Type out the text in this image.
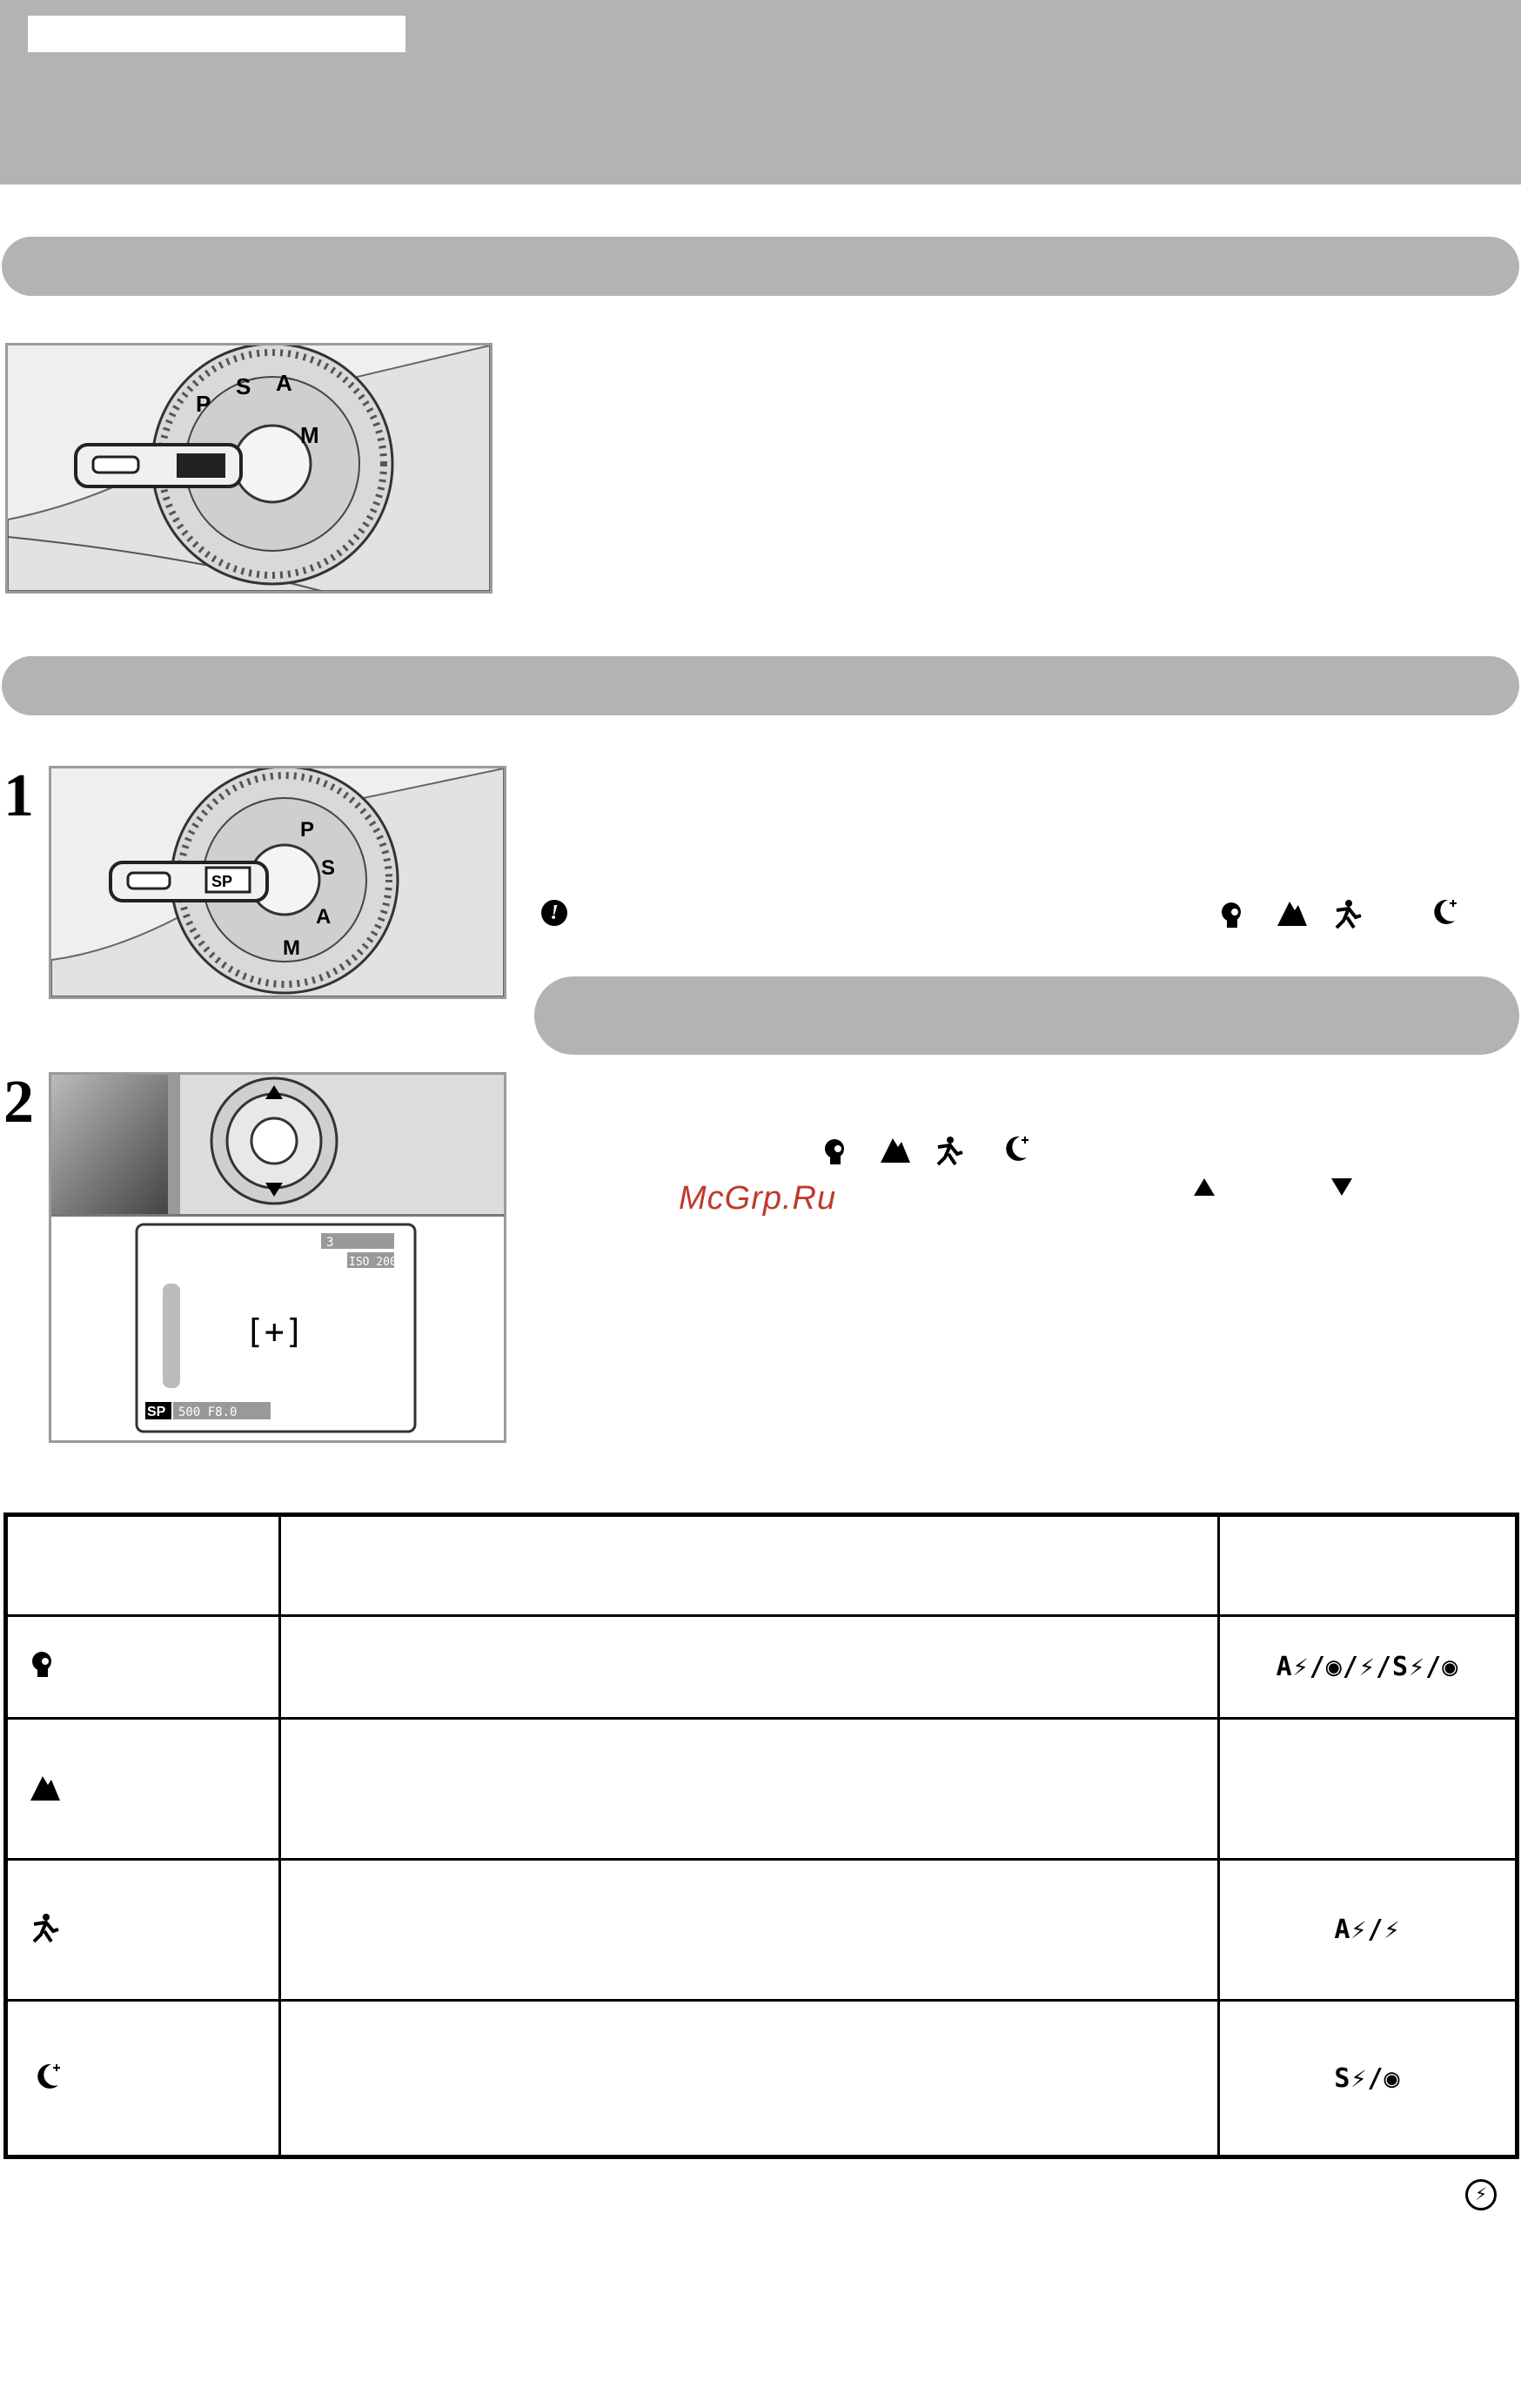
P
S A
M
1
SP
P
S
A
M
!
2
3
ISO 200
[+]
SP 500 F8.0
McGrp.Ru

		A⚡/◉/⚡/S⚡/◉

		A⚡/⚡
		S⚡/◉
⚡
